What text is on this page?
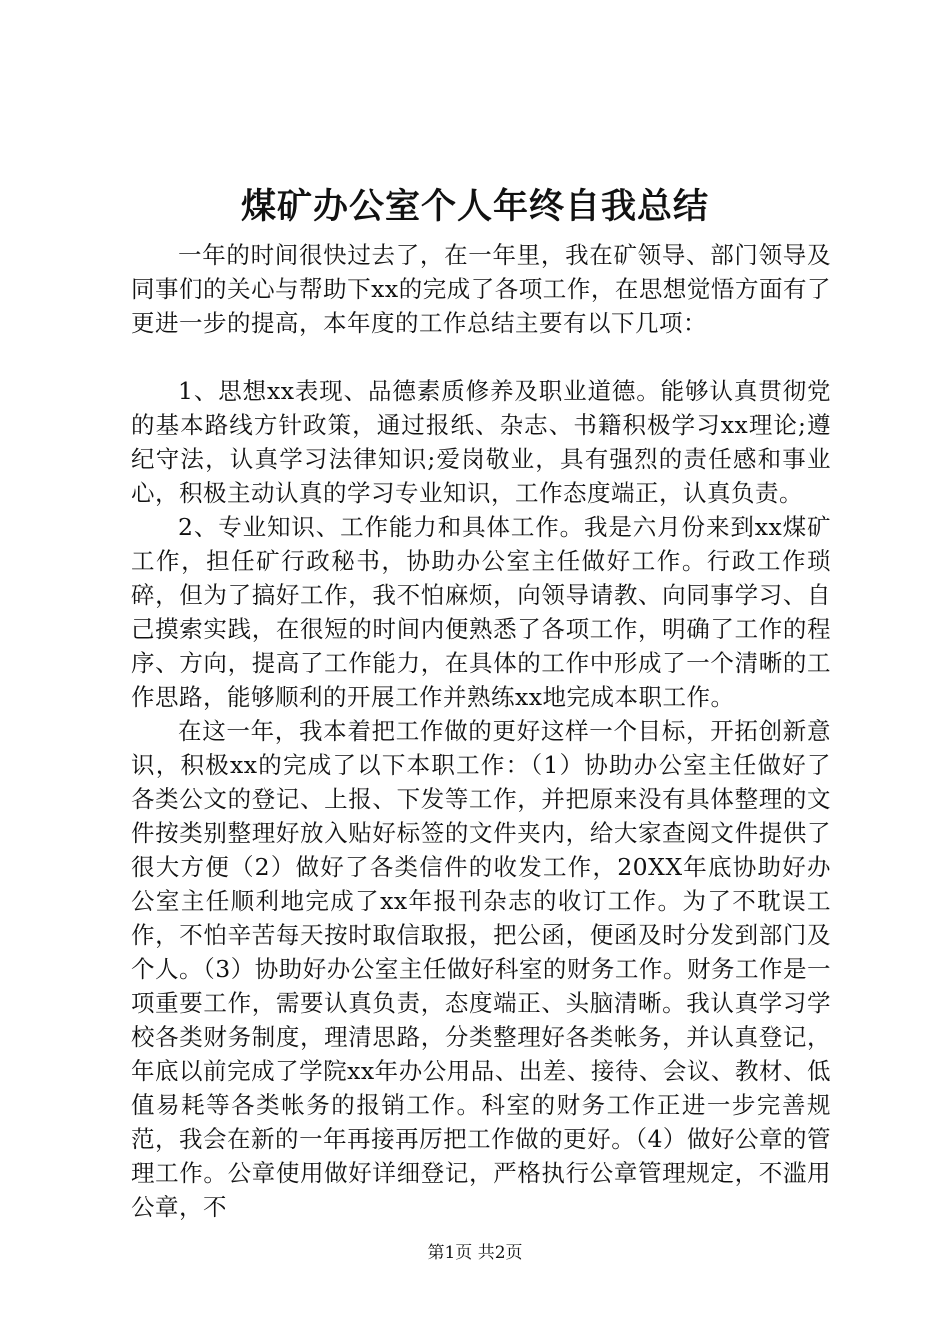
煤矿办公室个人年终自我总结

一年的时间很快过去了，在一年里，我在矿领导、部门领导及同事们的关心与帮助下xx的完成了各项工作，在思想觉悟方面有了更进一步的提高，本年度的工作总结主要有以下几项：

1、思想xx表现、品德素质修养及职业道德。能够认真贯彻党的基本路线方针政策，通过报纸、杂志、书籍积极学习xx理论;遵纪守法，认真学习法律知识;爱岗敬业，具有强烈的责任感和事业心，积极主动认真的学习专业知识，工作态度端正，认真负责。

2、专业知识、工作能力和具体工作。我是六月份来到xx煤矿工作，担任矿行政秘书，协助办公室主任做好工作。行政工作琐碎，但为了搞好工作，我不怕麻烦，向领导请教、向同事学习、自己摸索实践，在很短的时间内便熟悉了各项工作，明确了工作的程序、方向，提高了工作能力，在具体的工作中形成了一个清晰的工作思路，能够顺利的开展工作并熟练xx地完成本职工作。

在这一年，我本着把工作做的更好这样一个目标，开拓创新意识，积极xx的完成了以下本职工作：（1）协助办公室主任做好了各类公文的登记、上报、下发等工作，并把原来没有具体整理的文件按类别整理好放入贴好标签的文件夹内，给大家查阅文件提供了很大方便（2）做好了各类信件的收发工作，20XX年底协助好办公室主任顺利地完成了xx年报刊杂志的收订工作。为了不耽误工作，不怕辛苦每天按时取信取报，把公函，便函及时分发到部门及个人。（3）协助好办公室主任做好科室的财务工作。财务工作是一项重要工作，需要认真负责，态度端正、头脑清晰。我认真学习学校各类财务制度，理清思路，分类整理好各类帐务，并认真登记，年底以前完成了学院xx年办公用品、出差、接待、会议、教材、低值易耗等各类帐务的报销工作。科室的财务工作正进一步完善规范，我会在新的一年再接再厉把工作做的更好。（4）做好公章的管理工作。公章使用做好详细登记，严格执行公章管理规定，不滥用公章，不

第1页 共2页
